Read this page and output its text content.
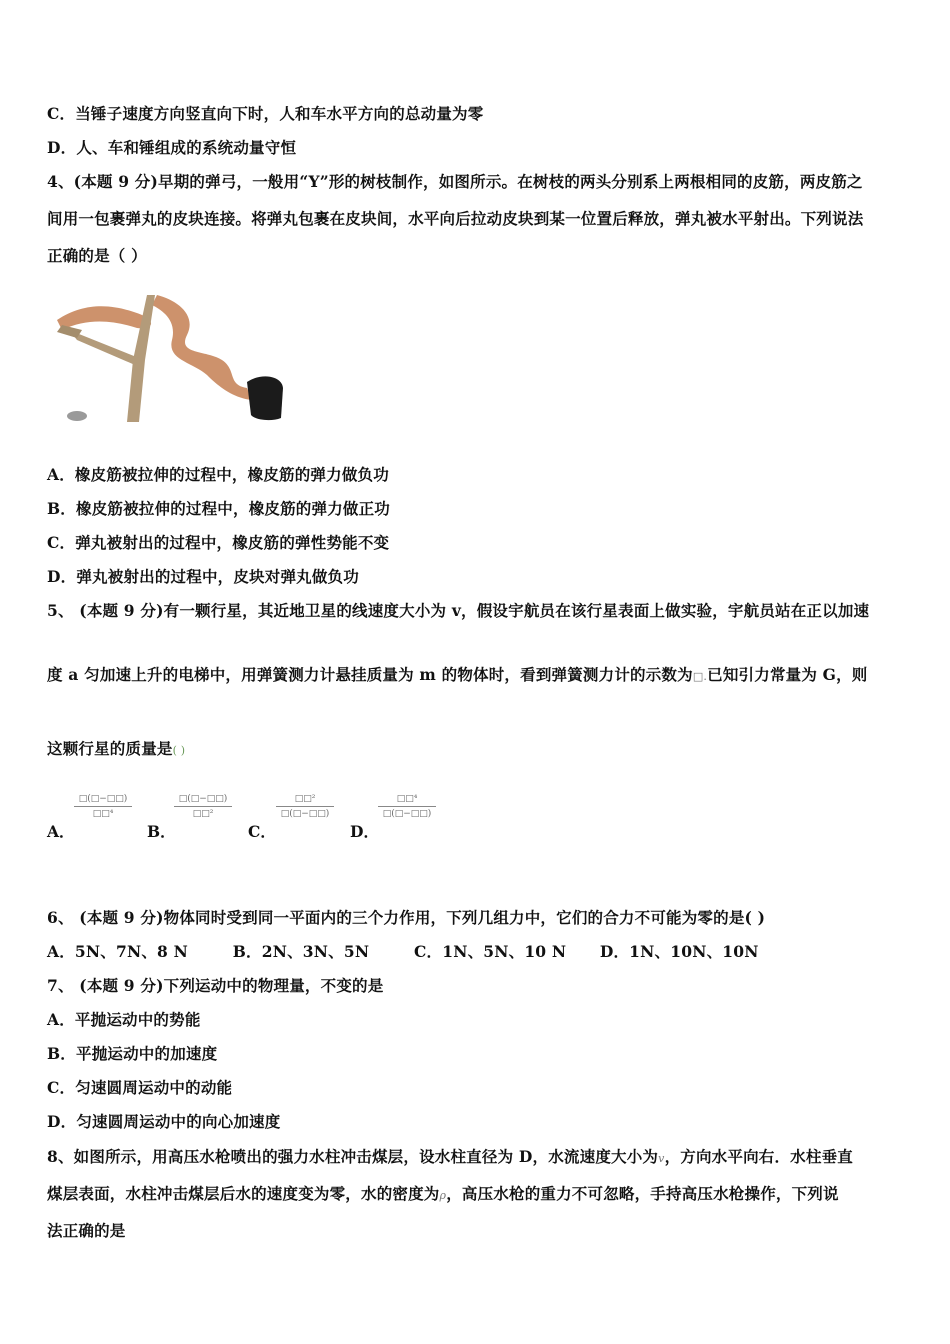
C．当锤子速度方向竖直向下时，人和车水平方向的总动量为零
D．人、车和锤组成的系统动量守恒
4、(本题 9 分)早期的弹弓，一般用“Y”形的树枝制作，如图所示。在树枝的两头分别系上两根相同的皮筋，两皮筋之
间用一包裹弹丸的皮块连接。将弹丸包裹在皮块间，水平向后拉动皮块到某一位置后释放，弹丸被水平射出。下列说法
正确的是（ ）
A．橡皮筋被拉伸的过程中，橡皮筋的弹力做负功
B．橡皮筋被拉伸的过程中，橡皮筋的弹力做正功
C．弹丸被射出的过程中，橡皮筋的弹性势能不变
D．弹丸被射出的过程中，皮块对弹丸做负功
5、 (本题 9 分)有一颗行星，其近地卫星的线速度大小为 v，假设宇航员在该行星表面上做实验，宇航员站在正以加速
度 a 匀加速上升的电梯中，用弹簧测力计悬挂质量为 m 的物体时，看到弹簧测力计的示数为□.已知引力常量为 G，则
这颗行星的质量是( )
A．
□(□−□□)
□□⁴
B．
□(□−□□)
□□²
C．
□□²
□(□−□□)
D．
□□⁴
□(□−□□)
6、 (本题 9 分)物体同时受到同一平面内的三个力作用，下列几组力中，它们的合力不可能为零的是( )
A．5N、7N、8 N        B．2N、3N、5N        C．1N、5N、10 N      D．1N、10N、10N
7、 (本题 9 分)下列运动中的物理量，不变的是
A．平抛运动中的势能
B．平抛运动中的加速度
C．匀速圆周运动中的动能
D．匀速圆周运动中的向心加速度
8、如图所示，用高压水枪喷出的强力水柱冲击煤层，设水柱直径为 D，水流速度大小为v，方向水平向右．水柱垂直
煤层表面，水柱冲击煤层后水的速度变为零，水的密度为ρ，高压水枪的重力不可忽略，手持高压水枪操作，下列说
法正确的是
